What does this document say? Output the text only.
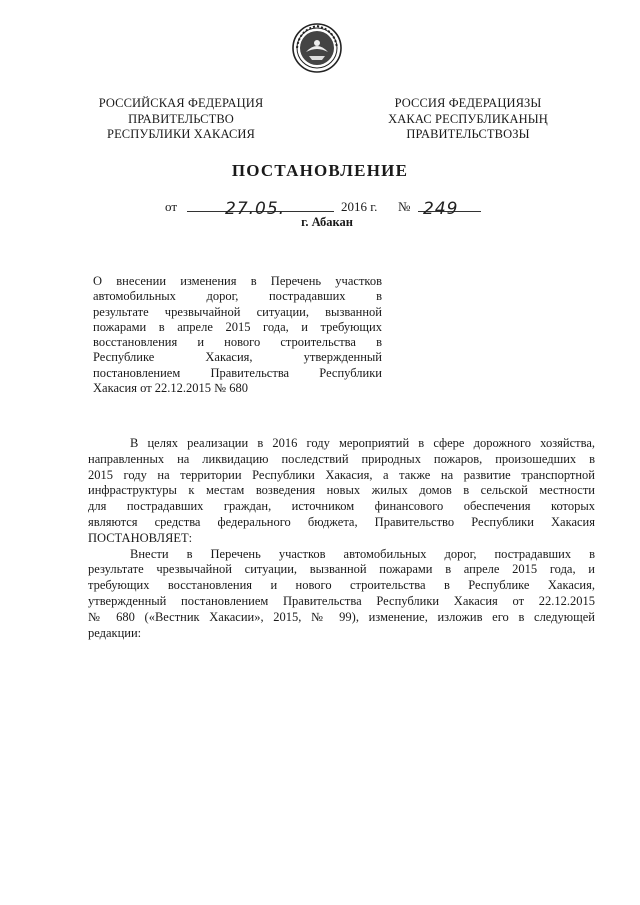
РОССИЙСКАЯ ФЕДЕРАЦИЯ
ПРАВИТЕЛЬСТВО
РЕСПУБЛИКИ ХАКАСИЯ
РОССИЯ ФЕДЕРАЦИЯЗЫ
ХАКАС РЕСПУБЛИКАНЫҢ
ПРАВИТЕЛЬСТВОЗЫ
ПОСТАНОВЛЕНИЕ
от	27.05.	2016 г. № 249
г. Абакан
О внесении изменения в Перечень участков
автомобильных дорог, пострадавших в
результате чрезвычайной ситуации, вызванной
пожарами в апреле 2015 года, и требующих
восстановления и нового строительства в
Республике Хакасия, утвержденный
постановлением Правительства Республики
Хакасия от 22.12.2015 № 680
В целях реализации в 2016 году мероприятий в сфере дорожного хозяйства,
направленных на ликвидацию последствий природных пожаров, произошедших в
2015 году на территории Республики Хакасия, а также на развитие транспортной
инфраструктуры к местам возведения новых жилых домов в сельской местности
для пострадавших граждан, источником финансового обеспечения которых
являются средства федерального бюджета, Правительство Республики Хакасия
ПОСТАНОВЛЯЕТ:
Внести в Перечень участков автомобильных дорог, пострадавших в
результате чрезвычайной ситуации, вызванной пожарами в апреле 2015 года, и
требующих восстановления и нового строительства в Республике Хакасия,
утвержденный постановлением Правительства Республики Хакасия от 22.12.2015
№ 680 («Вестник Хакасии», 2015, № 99), изменение, изложив его в следующей
редакции:
